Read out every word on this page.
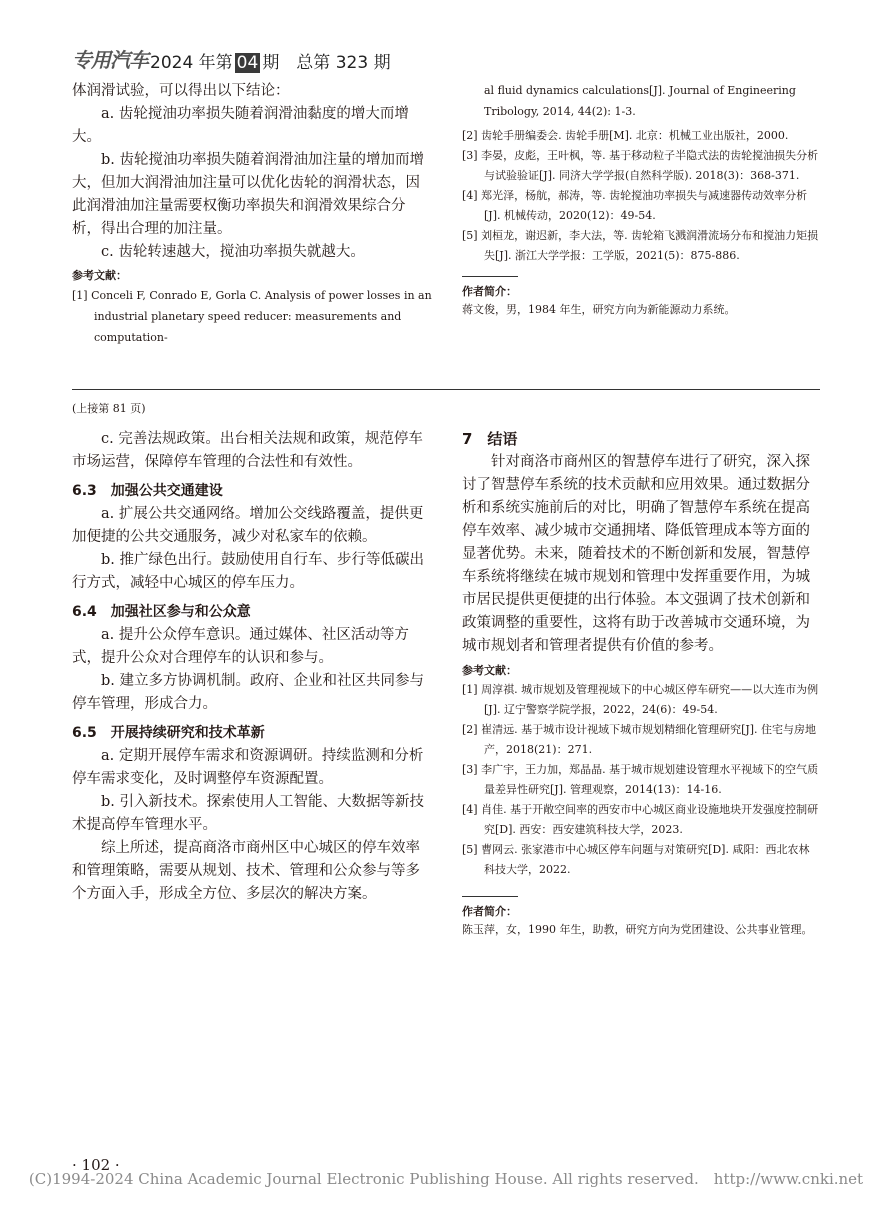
专用汽车 2024 年第 04 期　总第 323 期

体润滑试验，可以得出以下结论：

a. 齿轮搅油功率损失随着润滑油黏度的增大而增大。

b. 齿轮搅油功率损失随着润滑油加注量的增加而增大，但加大润滑油加注量可以优化齿轮的润滑状态，因此润滑油加注量需要权衡功率损失和润滑效果综合分析，得出合理的加注量。

c. 齿轮转速越大，搅油功率损失就越大。

参考文献：

[1] Conceli F, Conrado E, Gorla C. Analysis of power losses in an industrial planetary speed reducer: measurements and computation-

al fluid dynamics calculations[J]. Journal of Engineering Tribology, 2014, 44(2): 1-3.

[2] 齿轮手册编委会. 齿轮手册[M]. 北京：机械工业出版社，2000.

[3] 李晏，皮彪，王叶枫，等. 基于移动粒子半隐式法的齿轮搅油损失分析与试验验证[J]. 同济大学学报(自然科学版). 2018(3)：368-371.

[4] 郑光泽，杨航，郝涛，等. 齿轮搅油功率损失与减速器传动效率分析[J]. 机械传动，2020(12)：49-54.

[5] 刘桓龙，谢迟新，李大法，等. 齿轮箱飞溅润滑流场分布和搅油力矩损失[J]. 浙江大学学报：工学版，2021(5)：875-886.

作者简介：

蒋文俊，男，1984 年生，研究方向为新能源动力系统。

(上接第 81 页)

c. 完善法规政策。出台相关法规和政策，规范停车市场运营，保障停车管理的合法性和有效性。

6.3　加强公共交通建设

a. 扩展公共交通网络。增加公交线路覆盖，提供更加便捷的公共交通服务，减少对私家车的依赖。

b. 推广绿色出行。鼓励使用自行车、步行等低碳出行方式，减轻中心城区的停车压力。

6.4　加强社区参与和公众意

a. 提升公众停车意识。通过媒体、社区活动等方式，提升公众对合理停车的认识和参与。

b. 建立多方协调机制。政府、企业和社区共同参与停车管理，形成合力。

6.5　开展持续研究和技术革新

a. 定期开展停车需求和资源调研。持续监测和分析停车需求变化，及时调整停车资源配置。

b. 引入新技术。探索使用人工智能、大数据等新技术提高停车管理水平。

综上所述，提高商洛市商州区中心城区的停车效率和管理策略，需要从规划、技术、管理和公众参与等多个方面入手，形成全方位、多层次的解决方案。

7　结语

针对商洛市商州区的智慧停车进行了研究，深入探讨了智慧停车系统的技术贡献和应用效果。通过数据分析和系统实施前后的对比，明确了智慧停车系统在提高停车效率、减少城市交通拥堵、降低管理成本等方面的显著优势。未来，随着技术的不断创新和发展，智慧停车系统将继续在城市规划和管理中发挥重要作用，为城市居民提供更便捷的出行体验。本文强调了技术创新和政策调整的重要性，这将有助于改善城市交通环境，为城市规划者和管理者提供有价值的参考。

参考文献：

[1] 周淳祺. 城市规划及管理视域下的中心城区停车研究——以大连市为例[J]. 辽宁警察学院学报，2022，24(6)：49-54.

[2] 崔清远. 基于城市设计视域下城市规划精细化管理研究[J]. 住宅与房地产，2018(21)：271.

[3] 李广宇，王力加，郑晶晶. 基于城市规划建设管理水平视域下的空气质量差异性研究[J]. 管理观察，2014(13)：14-16.

[4] 肖佳. 基于开敞空间率的西安市中心城区商业设施地块开发强度控制研究[D]. 西安：西安建筑科技大学，2023.

[5] 曹网云. 张家港市中心城区停车问题与对策研究[D]. 咸阳：西北农林科技大学，2022.

作者简介：

陈玉萍，女，1990 年生，助教，研究方向为党团建设、公共事业管理。

· 102 ·
(C)1994-2024 China Academic Journal Electronic Publishing House. All rights reserved.　http://www.cnki.net
